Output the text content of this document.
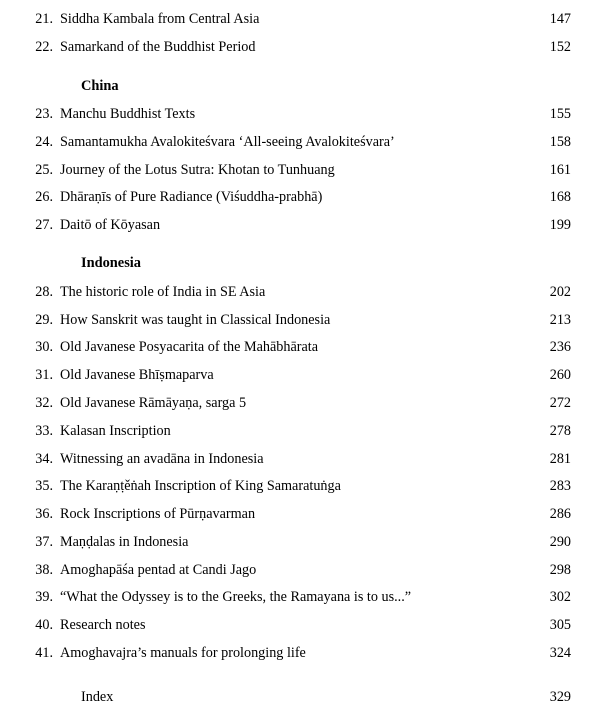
21.	Siddha Kambala from Central Asia	147
22.	Samarkand of the Buddhist Period	152
	China	
23.	Manchu Buddhist Texts	155
24.	Samantamukha Avalokiteśvara ‘All-seeing Avalokiteśvara’	158
25.	Journey of the Lotus Sutra: Khotan to Tunhuang	161
26.	Dhāraṇīs of Pure Radiance (Viśuddha-prabhā)	168
27.	Daitō of Kōyasan	199
	Indonesia	
28.	The historic role of India in SE Asia	202
29.	How Sanskrit was taught in Classical Indonesia	213
30.	Old Javanese Posyacarita of the Mahābhārata	236
31.	Old Javanese Bhīṣmaparva	260
32.	Old Javanese Rāmāyaṇa, sarga 5	272
33.	Kalasan Inscription	278
34.	Witnessing an avadāna in Indonesia	281
35.	The Karaṇṭěṅah Inscription of King Samaratuṅga	283
36.	Rock Inscriptions of Pūrṇavarman	286
37.	Maṇḍalas in Indonesia	290
38.	Amoghapāśa pentad at Candi Jago	298
39.	“What the Odyssey is to the Greeks, the Ramayana is to us...”	302
40.	Research notes	305
41.	Amoghavajra’s manuals for prolonging life	324
	Index	329
